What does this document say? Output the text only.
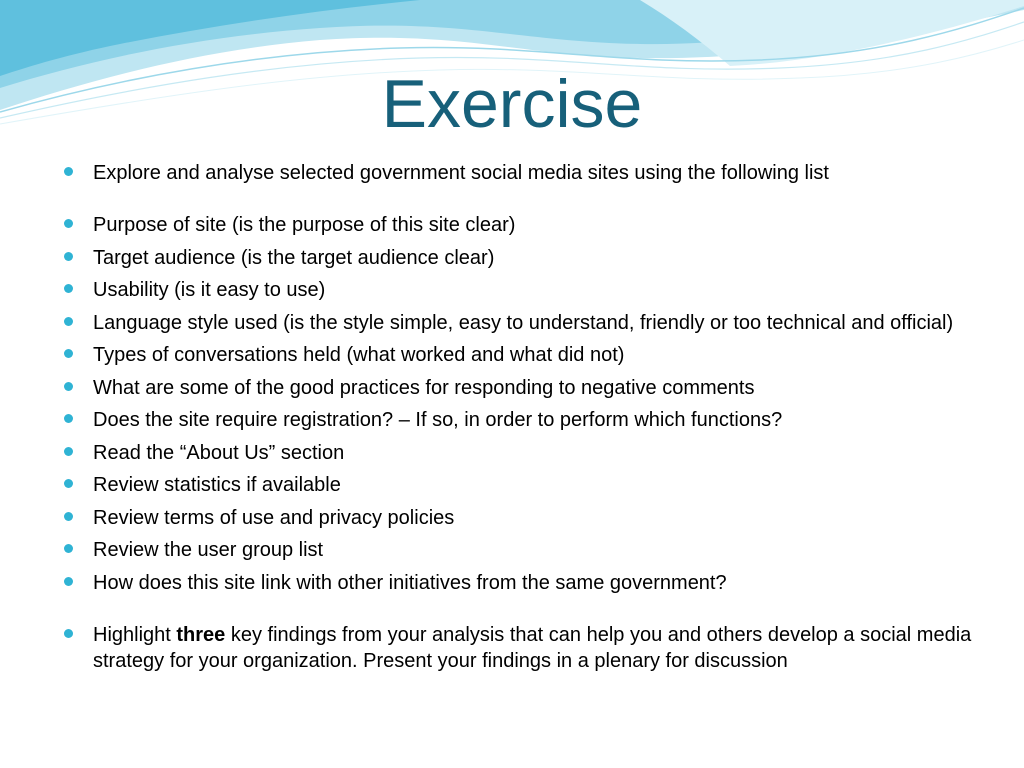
Exercise
Explore and analyse selected government social media sites using the following list
Purpose of site (is the purpose of this site clear)
Target audience (is the target audience clear)
Usability (is it easy to use)
Language style used (is the style simple, easy to understand, friendly or too technical and official)
Types of conversations held (what worked and what did not)
What are some of the good practices for responding to negative comments
Does the site require registration? – If so, in order to perform which functions?
Read the “About Us” section
Review statistics if available
Review terms of use and privacy policies
Review the user group list
How does this site link with other initiatives from the same government?
Highlight three key findings from your analysis that can help you and others develop a social media strategy for your organization. Present your findings in a plenary for discussion
